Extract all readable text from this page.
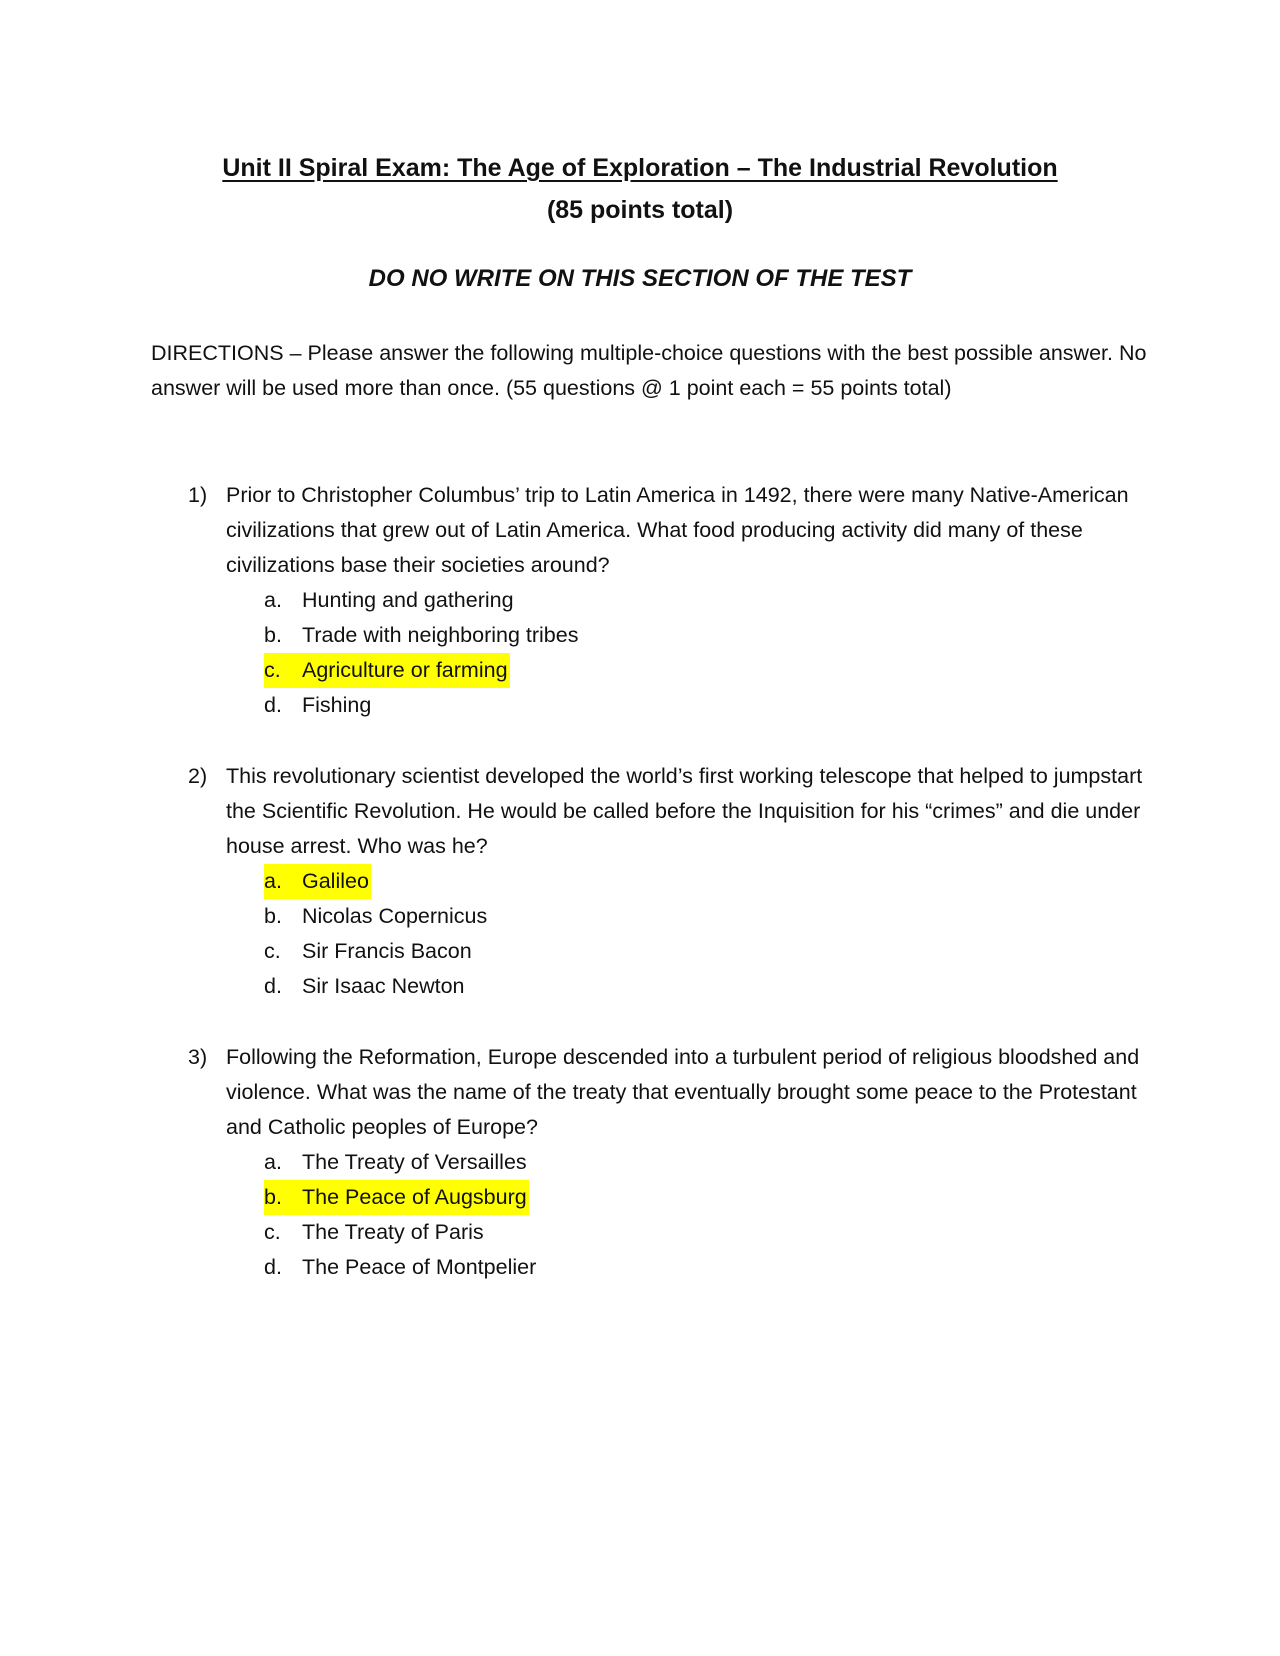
Unit II Spiral Exam: The Age of Exploration – The Industrial Revolution
(85 points total)
DO NO WRITE ON THIS SECTION OF THE TEST
DIRECTIONS – Please answer the following multiple-choice questions with the best possible answer. No answer will be used more than once. (55 questions @ 1 point each = 55 points total)
1) Prior to Christopher Columbus’ trip to Latin America in 1492, there were many Native-American civilizations that grew out of Latin America. What food producing activity did many of these civilizations base their societies around?
a. Hunting and gathering
b. Trade with neighboring tribes
c. Agriculture or farming
d. Fishing
2) This revolutionary scientist developed the world’s first working telescope that helped to jumpstart the Scientific Revolution. He would be called before the Inquisition for his “crimes” and die under house arrest. Who was he?
a. Galileo
b. Nicolas Copernicus
c. Sir Francis Bacon
d. Sir Isaac Newton
3) Following the Reformation, Europe descended into a turbulent period of religious bloodshed and violence. What was the name of the treaty that eventually brought some peace to the Protestant and Catholic peoples of Europe?
a. The Treaty of Versailles
b. The Peace of Augsburg
c. The Treaty of Paris
d. The Peace of Montpelier
